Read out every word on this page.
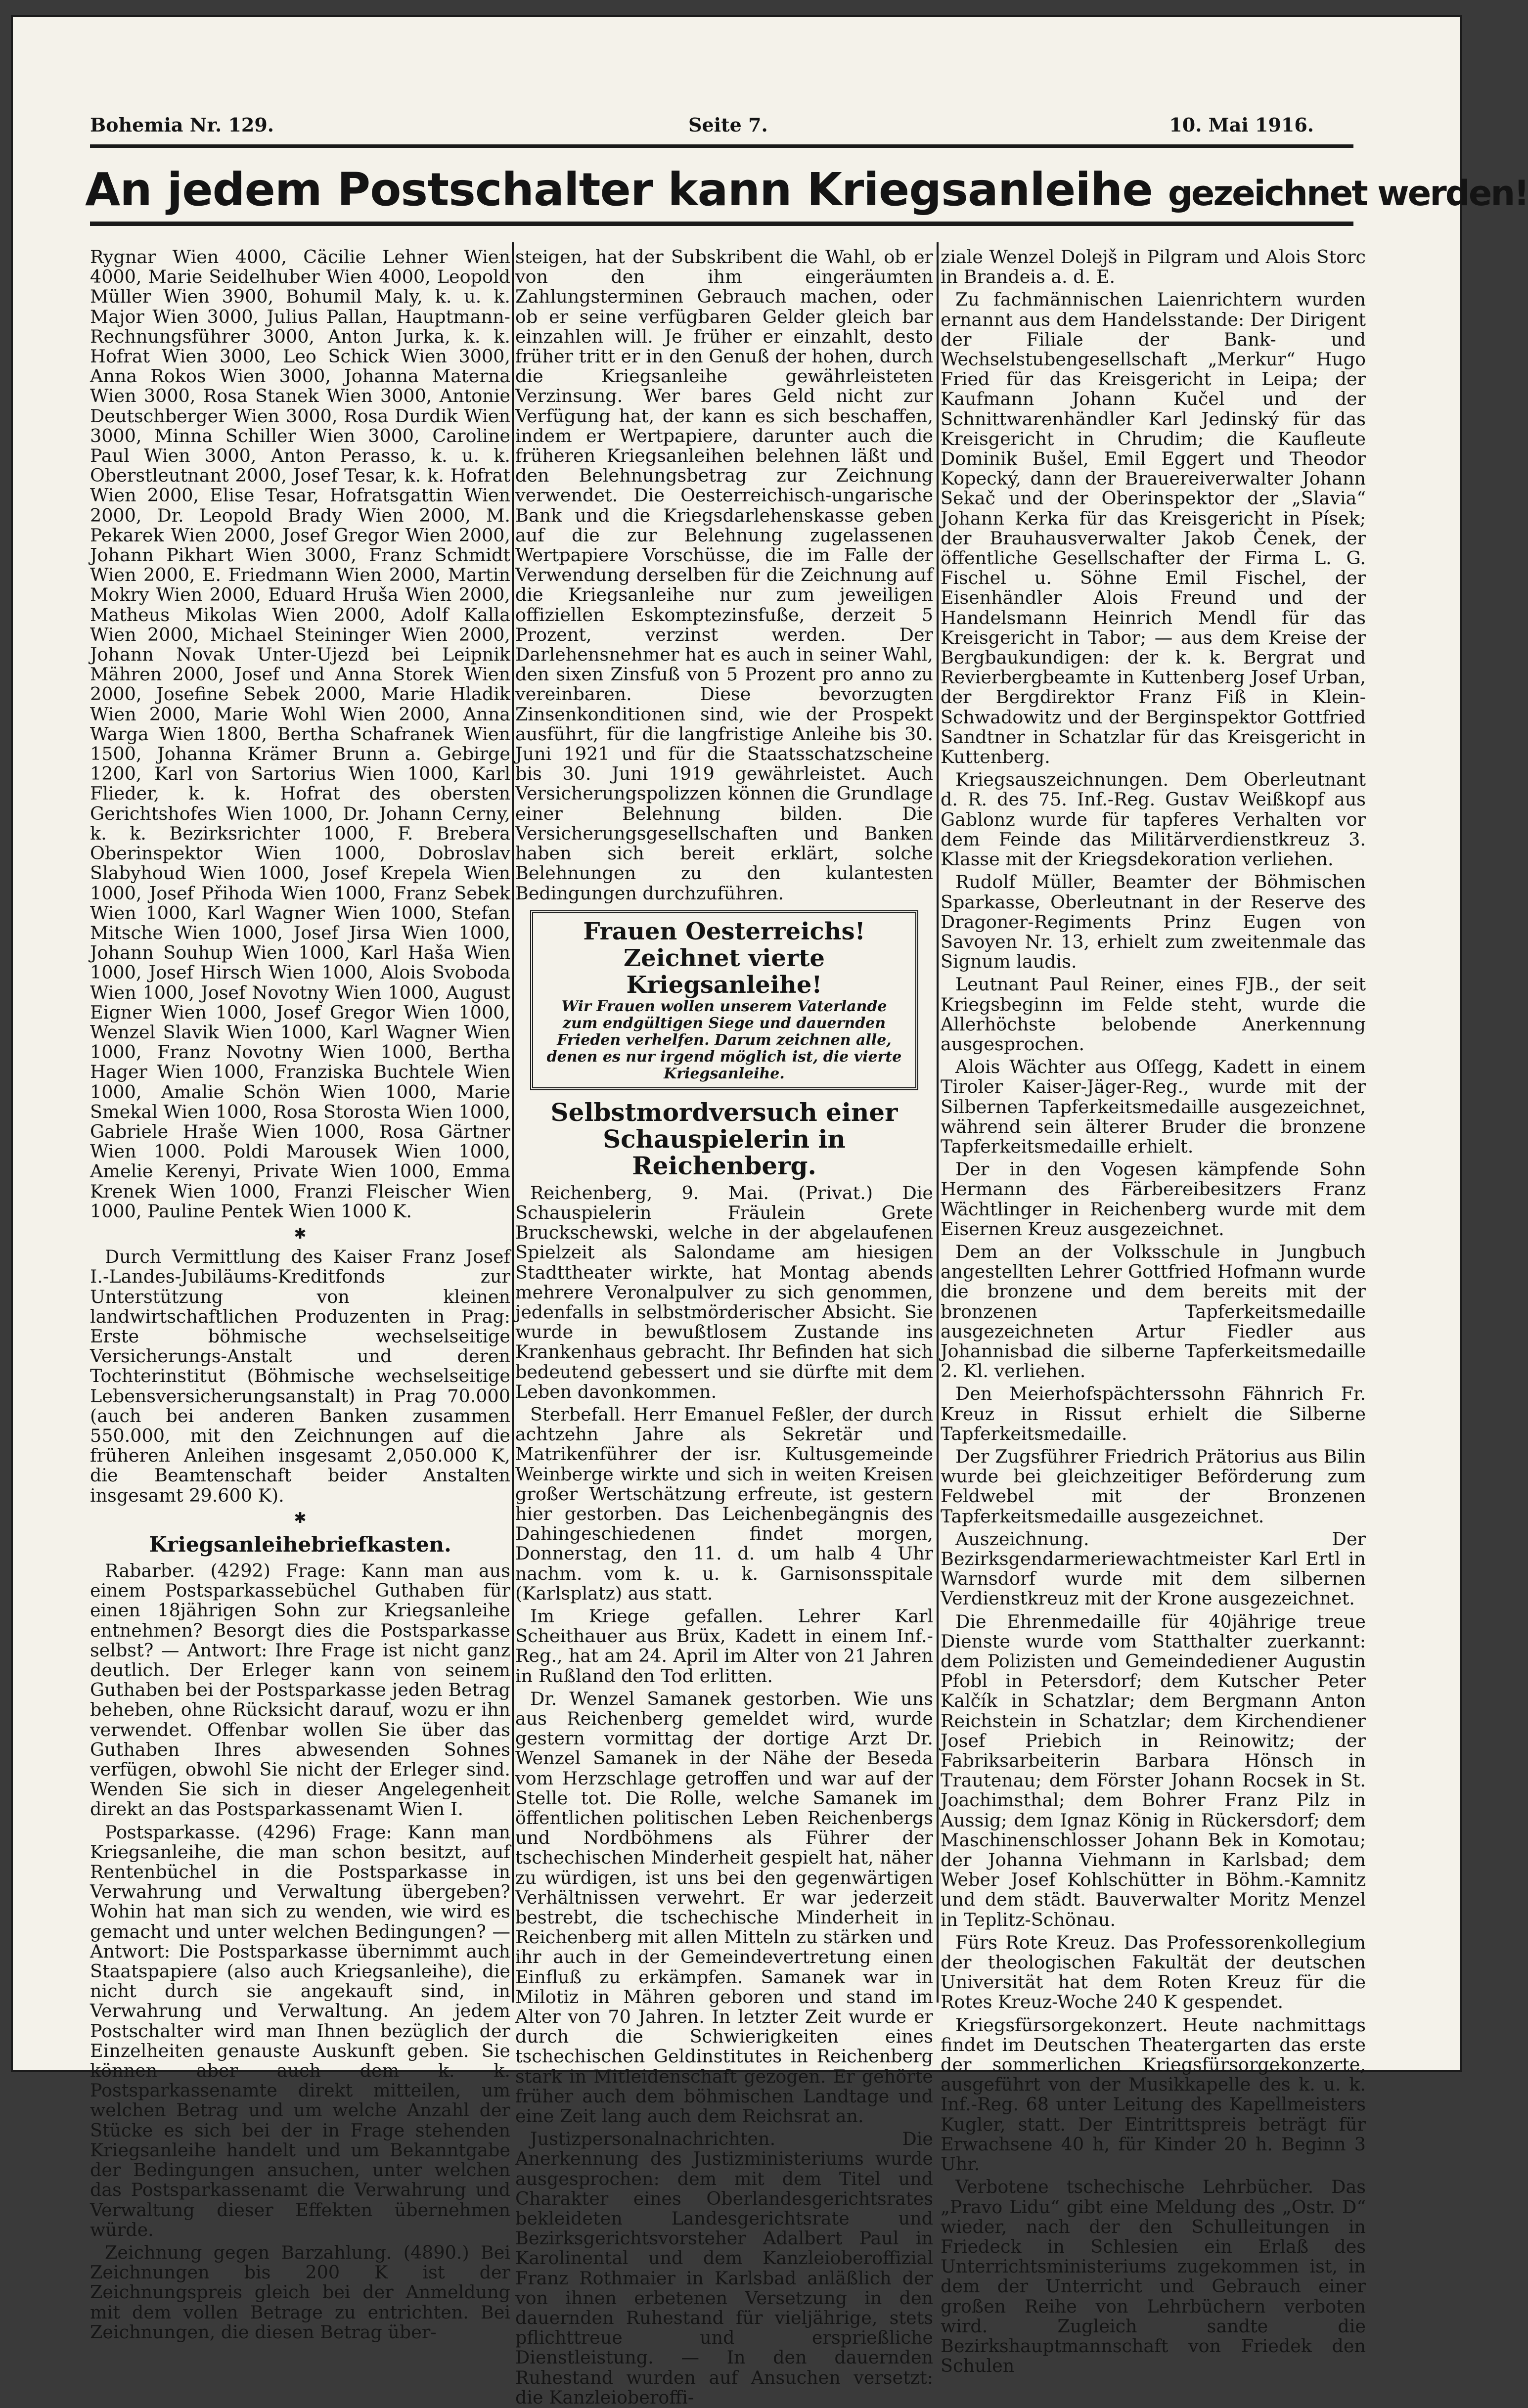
Bohemia Nr. 129.	Seite 7.	10. Mai 1916.
An jedem Postschalter kann Kriegsanleihe gezeichnet werden!

Rygnar Wien 4000, Cäcilie Lehner Wien 4000, Marie Seidelhuber Wien 4000, Leopold Müller Wien 3900, Bohumil Maly, k. u. k. Major Wien 3000, Julius Pallan, Hauptmann-Rechnungsführer 3000, Anton Jurka, k. k. Hofrat Wien 3000, Leo Schick Wien 3000, Anna Rokos Wien 3000, Johanna Materna Wien 3000, Rosa Stanek Wien 3000, Antonie Deutschberger Wien 3000, Rosa Durdik Wien 3000, Minna Schiller Wien 3000, Caroline Paul Wien 3000, Anton Perasso, k. u. k. Oberstleutnant 2000, Josef Tesar, k. k. Hofrat Wien 2000, Elise Tesar, Hofratsgattin Wien 2000, Dr. Leopold Brady Wien 2000, M. Pekarek Wien 2000, Josef Gregor Wien 2000, Johann Pikhart Wien 3000, Franz Schmidt Wien 2000, E. Friedmann Wien 2000, Martin Mokry Wien 2000, Eduard Hruša Wien 2000, Matheus Mikolas Wien 2000, Adolf Kalla Wien 2000, Michael Steininger Wien 2000, Johann Novak Unter-Ujezd bei Leipnik Mähren 2000, Josef und Anna Storek Wien 2000, Josefine Sebek 2000, Marie Hladik Wien 2000, Marie Wohl Wien 2000, Anna Warga Wien 1800, Bertha Schafranek Wien 1500, Johanna Krämer Brunn a. Gebirge 1200, Karl von Sartorius Wien 1000, Karl Flieder, k. k. Hofrat des obersten Gerichtshofes Wien 1000, Dr. Johann Cerny, k. k. Bezirksrichter 1000, F. Brebera Oberinspektor Wien 1000, Dobroslav Slabyhoud Wien 1000, Josef Krepela Wien 1000, Josef Přihoda Wien 1000, Franz Sebek Wien 1000, Karl Wagner Wien 1000, Stefan Mitsche Wien 1000, Josef Jirsa Wien 1000, Johann Souhup Wien 1000, Karl Haša Wien 1000, Josef Hirsch Wien 1000, Alois Svoboda Wien 1000, Josef Novotny Wien 1000, August Eigner Wien 1000, Josef Gregor Wien 1000, Wenzel Slavik Wien 1000, Karl Wagner Wien 1000, Franz Novotny Wien 1000, Bertha Hager Wien 1000, Franziska Buchtele Wien 1000, Amalie Schön Wien 1000, Marie Smekal Wien 1000, Rosa Storosta Wien 1000, Gabriele Hraše Wien 1000, Rosa Gärtner Wien 1000. Poldi Marousek Wien 1000, Amelie Kerenyi, Private Wien 1000, Emma Krenek Wien 1000, Franzi Fleischer Wien 1000, Pauline Pentek Wien 1000 K.

✱

Durch Vermittlung des Kaiser Franz Josef I.-Landes-Jubiläums-Kreditfonds zur Unterstützung von kleinen landwirtschaftlichen Produzenten in Prag: Erste böhmische wechselseitige Versicherungs-Anstalt und deren Tochterinstitut (Böhmische wechselseitige Lebensversicherungsanstalt) in Prag 70.000 (auch bei anderen Banken zusammen 550.000, mit den Zeichnungen auf die früheren Anleihen insgesamt 2,050.000 K, die Beamtenschaft beider Anstalten insgesamt 29.600 K).

✱
Kriegsanleihebriefkasten.

Rabarber. (4292) Frage: Kann man aus einem Postsparkassebüchel Guthaben für einen 18jährigen Sohn zur Kriegsanleihe entnehmen? Besorgt dies die Postsparkasse selbst? — Antwort: Ihre Frage ist nicht ganz deutlich. Der Erleger kann von seinem Guthaben bei der Postsparkasse jeden Betrag beheben, ohne Rücksicht darauf, wozu er ihn verwendet. Offenbar wollen Sie über das Guthaben Ihres abwesenden Sohnes verfügen, obwohl Sie nicht der Erleger sind. Wenden Sie sich in dieser Angelegenheit direkt an das Postsparkassenamt Wien I.

Postsparkasse. (4296) Frage: Kann man Kriegsanleihe, die man schon besitzt, auf Rentenbüchel in die Postsparkasse in Verwahrung und Verwaltung übergeben? Wohin hat man sich zu wenden, wie wird es gemacht und unter welchen Bedingungen? — Antwort: Die Postsparkasse übernimmt auch Staatspapiere (also auch Kriegsanleihe), die nicht durch sie angekauft sind, in Verwahrung und Verwaltung. An jedem Postschalter wird man Ihnen bezüglich der Einzelheiten genauste Auskunft geben. Sie können aber auch dem k. k. Postsparkassenamte direkt mitteilen, um welchen Betrag und um welche Anzahl der Stücke es sich bei der in Frage stehenden Kriegsanleihe handelt und um Bekanntgabe der Bedingungen ansuchen, unter welchen das Postsparkassenamt die Verwahrung und Verwaltung dieser Effekten übernehmen würde.

Zeichnung gegen Barzahlung. (4890.) Bei Zeichnungen bis 200 K ist der Zeichnungspreis gleich bei der Anmeldung mit dem vollen Betrage zu entrichten. Bei Zeichnungen, die diesen Betrag über-

steigen, hat der Subskribent die Wahl, ob er von den ihm eingeräumten Zahlungsterminen Gebrauch machen, oder ob er seine verfügbaren Gelder gleich bar einzahlen will. Je früher er einzahlt, desto früher tritt er in den Genuß der hohen, durch die Kriegsanleihe gewährleisteten Verzinsung. Wer bares Geld nicht zur Verfügung hat, der kann es sich beschaffen, indem er Wertpapiere, darunter auch die früheren Kriegsanleihen belehnen läßt und den Belehnungsbetrag zur Zeichnung verwendet. Die Oesterreichisch-ungarische Bank und die Kriegsdarlehenskasse geben auf die zur Belehnung zugelassenen Wertpapiere Vorschüsse, die im Falle der Verwendung derselben für die Zeichnung auf die Kriegsanleihe nur zum jeweiligen offiziellen Eskomptezinsfuße, derzeit 5 Prozent, verzinst werden. Der Darlehensnehmer hat es auch in seiner Wahl, den sixen Zinsfuß von 5 Prozent pro anno zu vereinbaren. Diese bevorzugten Zinsenkonditionen sind, wie der Prospekt ausführt, für die langfristige Anleihe bis 30. Juni 1921 und für die Staatsschatzscheine bis 30. Juni 1919 gewährleistet. Auch Versicherungspolizzen können die Grundlage einer Belehnung bilden. Die Versicherungsgesellschaften und Banken haben sich bereit erklärt, solche Belehnungen zu den kulantesten Bedingungen durchzuführen.

Frauen Oesterreichs!
Zeichnet vierte Kriegsanleihe!
Wir Frauen wollen unserem Vaterlande zum endgültigen Siege und dauernden Frieden verhelfen. Darum zeichnen alle, denen es nur irgend möglich ist, die vierte Kriegsanleihe.
Selbstmordversuch einer Schauspielerin in Reichenberg.

Reichenberg, 9. Mai. (Privat.) Die Schauspielerin Fräulein Grete Bruckschewski, welche in der abgelaufenen Spielzeit als Salondame am hiesigen Stadttheater wirkte, hat Montag abends mehrere Veronalpulver zu sich genommen, jedenfalls in selbstmörderischer Absicht. Sie wurde in bewußtlosem Zustande ins Krankenhaus gebracht. Ihr Befinden hat sich bedeutend gebessert und sie dürfte mit dem Leben davonkommen.

Sterbefall. Herr Emanuel Feßler, der durch achtzehn Jahre als Sekretär und Matrikenführer der isr. Kultusgemeinde Weinberge wirkte und sich in weiten Kreisen großer Wertschätzung erfreute, ist gestern hier gestorben. Das Leichenbegängnis des Dahingeschiedenen findet morgen, Donnerstag, den 11. d. um halb 4 Uhr nachm. vom k. u. k. Garnisonsspitale (Karlsplatz) aus statt.

Im Kriege gefallen. Lehrer Karl Scheithauer aus Brüx, Kadett in einem Inf.-Reg., hat am 24. April im Alter von 21 Jahren in Rußland den Tod erlitten.

Dr. Wenzel Samanek gestorben. Wie uns aus Reichenberg gemeldet wird, wurde gestern vormittag der dortige Arzt Dr. Wenzel Samanek in der Nähe der Beseda vom Herzschlage getroffen und war auf der Stelle tot. Die Rolle, welche Samanek im öffentlichen politischen Leben Reichenbergs und Nordböhmens als Führer der tschechischen Minderheit gespielt hat, näher zu würdigen, ist uns bei den gegenwärtigen Verhältnissen verwehrt. Er war jederzeit bestrebt, die tschechische Minderheit in Reichenberg mit allen Mitteln zu stärken und ihr auch in der Gemeindevertretung einen Einfluß zu erkämpfen. Samanek war in Milotiz in Mähren geboren und stand im Alter von 70 Jahren. In letzter Zeit wurde er durch die Schwierigkeiten eines tschechischen Geldinstitutes in Reichenberg stark in Mitleidenschaft gezogen. Er gehörte früher auch dem böhmischen Landtage und eine Zeit lang auch dem Reichsrat an.

Justizpersonalnachrichten. Die Anerkennung des Justizministeriums wurde ausgesprochen: dem mit dem Titel und Charakter eines Oberlandesgerichtsrates bekleideten Landesgerichtsrate und Bezirksgerichtsvorsteher Adalbert Paul in Karolinental und dem Kanzleioberoffizial Franz Rothmaier in Karlsbad anläßlich der von ihnen erbetenen Versetzung in den dauernden Ruhestand für vieljährige, stets pflichttreue und ersprießliche Dienstleistung. — In den dauernden Ruhestand wurden auf Ansuchen versetzt: die Kanzleioberoffi-

ziale Wenzel Dolejš in Pilgram und Alois Storc in Brandeis a. d. E.

Zu fachmännischen Laienrichtern wurden ernannt aus dem Handelsstande: Der Dirigent der Filiale der Bank- und Wechselstubengesellschaft „Merkur“ Hugo Fried für das Kreisgericht in Leipa; der Kaufmann Johann Kučel und der Schnittwarenhändler Karl Jedinský für das Kreisgericht in Chrudim; die Kaufleute Dominik Bušel, Emil Eggert und Theodor Kopecký, dann der Brauereiverwalter Johann Sekač und der Oberinspektor der „Slavia“ Johann Kerka für das Kreisgericht in Písek; der Brauhausverwalter Jakob Čenek, der öffentliche Gesellschafter der Firma L. G. Fischel u. Söhne Emil Fischel, der Eisenhändler Alois Freund und der Handelsmann Heinrich Mendl für das Kreisgericht in Tabor; — aus dem Kreise der Bergbaukundigen: der k. k. Bergrat und Revierbergbeamte in Kuttenberg Josef Urban, der Bergdirektor Franz Fiß in Klein-Schwadowitz und der Berginspektor Gottfried Sandtner in Schatzlar für das Kreisgericht in Kuttenberg.

Kriegsauszeichnungen. Dem Oberleutnant d. R. des 75. Inf.-Reg. Gustav Weißkopf aus Gablonz wurde für tapferes Verhalten vor dem Feinde das Militärverdienstkreuz 3. Klasse mit der Kriegsdekoration verliehen.

Rudolf Müller, Beamter der Böhmischen Sparkasse, Oberleutnant in der Reserve des Dragoner-Regiments Prinz Eugen von Savoyen Nr. 13, erhielt zum zweitenmale das Signum laudis.

Leutnant Paul Reiner, eines FJB., der seit Kriegsbeginn im Felde steht, wurde die Allerhöchste belobende Anerkennung ausgesprochen.

Alois Wächter aus Oſſegg, Kadett in einem Tiroler Kaiser-Jäger-Reg., wurde mit der Silbernen Tapferkeitsmedaille ausgezeichnet, während sein älterer Bruder die bronzene Tapferkeitsmedaille erhielt.

Der in den Vogesen kämpfende Sohn Hermann des Färbereibesitzers Franz Wächtlinger in Reichenberg wurde mit dem Eisernen Kreuz ausgezeichnet.

Dem an der Volksschule in Jungbuch angestellten Lehrer Gottfried Hofmann wurde die bronzene und dem bereits mit der bronzenen Tapferkeitsmedaille ausgezeichneten Artur Fiedler aus Johannisbad die silberne Tapferkeitsmedaille 2. Kl. verliehen.

Den Meierhofspächterssohn Fähnrich Fr. Kreuz in Rissut erhielt die Silberne Tapferkeitsmedaille.

Der Zugsführer Friedrich Prätorius aus Bilin wurde bei gleichzeitiger Beförderung zum Feldwebel mit der Bronzenen Tapferkeitsmedaille ausgezeichnet.

Auszeichnung. Der Bezirksgendarmeriewachtmeister Karl Ertl in Warnsdorf wurde mit dem silbernen Verdienstkreuz mit der Krone ausgezeichnet.

Die Ehrenmedaille für 40jährige treue Dienste wurde vom Statthalter zuerkannt: dem Polizisten und Gemeindediener Augustin Pfobl in Petersdorf; dem Kutscher Peter Kalčík in Schatzlar; dem Bergmann Anton Reichstein in Schatzlar; dem Kirchendiener Josef Priebich in Reinowitz; der Fabriksarbeiterin Barbara Hönsch in Trautenau; dem Förster Johann Rocsek in St. Joachimsthal; dem Bohrer Franz Pilz in Aussig; dem Ignaz König in Rückersdorf; dem Maschinenschlosser Johann Bek in Komotau; der Johanna Viehmann in Karlsbad; dem Weber Josef Kohlschütter in Böhm.-Kamnitz und dem städt. Bauverwalter Moritz Menzel in Teplitz-Schönau.

Fürs Rote Kreuz. Das Professorenkollegium der theologischen Fakultät der deutschen Universität hat dem Roten Kreuz für die Rotes Kreuz-Woche 240 K gespendet.

Kriegsfürsorgekonzert. Heute nachmittags findet im Deutschen Theatergarten das erste der sommerlichen Kriegsfürsorgekonzerte, ausgeführt von der Musikkapelle des k. u. k. Inf.-Reg. 68 unter Leitung des Kapellmeisters Kugler, statt. Der Eintrittspreis beträgt für Erwachsene 40 h, für Kinder 20 h. Beginn 3 Uhr.

Verbotene tschechische Lehrbücher. Das „Pravo Lidu“ gibt eine Meldung des „Ostr. D“ wieder, nach der den Schulleitungen in Friedeck in Schlesien ein Erlaß des Unterrichtsministeriums zugekommen ist, in dem der Unterricht und Gebrauch einer großen Reihe von Lehrbüchern verboten wird. Zugleich sandte die Bezirkshauptmannschaft von Friedek den Schulen
